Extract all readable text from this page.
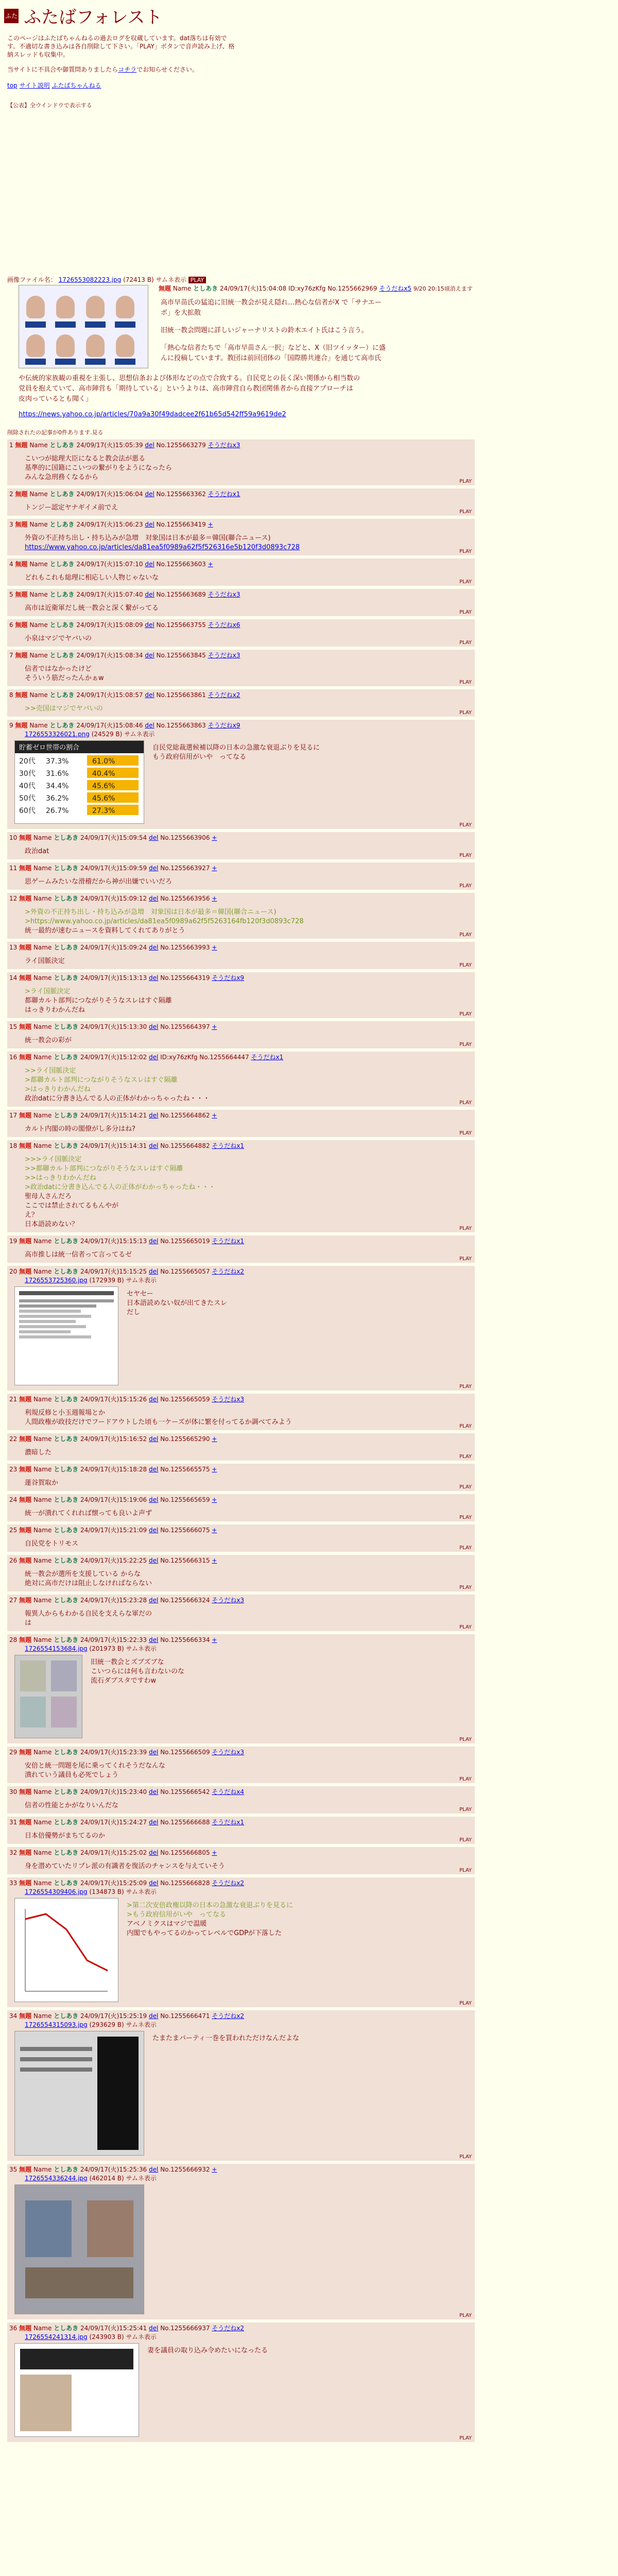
ふたば ふたばフォレスト
このページはふたばちゃんねるの過去ログを収蔵しています。dat落ちは有効で
す。不適切な書き込みは各自削除して下さい。「PLAY」ボタンで音声読み上げ、格
納スレッドも収集中。
当サイトに不具合や御質問ありましたらコチラでお知らせください。
top サイト説明 ふたばちゃんねる
【公表】全ウインドウで表示する
画像ファイル名： 1726553082223.jpg (72413 B) サムネ表示 PLAY
無題 Name としあき 24/09/17(火)15:04:08 ID:xy76zKfg No.1255662969 そうだねx5 9/20 20:15頃消えます

高市早苗氏の猛追に旧統一教会が見え隠れ…熱心な信者がX で「サナエー
ポ」を大拡散

旧統一教会問題に詳しいジャーナリストの鈴木エイト氏はこう言う。

「熱心な信者たちで「高市早苗さん一択」などと、X（旧ツイッター）に盛
んに投稿しています。教団は前回団体の「国際勝共連合」を通じて高市氏

や伝統的家族観の重視を主張し、思想信条および体形などの点で合致する。自民党との長く深い関係から相当数の
党員を抱えていて、高市陣営も「期待している」というよりは、高市陣営自ら教団関係者から直接アプローチは
皮肉っているとも聞く」
https://news.yahoo.co.jp/articles/70a9a30f49dadcee2f61b65d542ff59a9619de2
削除されたの記事が0件あります.見る
1 無題 Name としあき 24/09/17(火)15:05:39 del No.1255663279 そうだねx3
こいつが総理大臣になると教会法が悪る
基準的に国籍にこいつの繋がりをようになったら
みんな急刑務くなるから
PLAY
2 無題 Name としあき 24/09/17(火)15:06:04 del No.1255663362 そうだねx1
トンジー認定ヤナギイメ前でえ
PLAY
3 無題 Name としあき 24/09/17(火)15:06:23 del No.1255663419 +
外資の不正持ち出し・持ち込みが急増　対象国は日本が最多＝韓国(聯合ニュース)
https://www.yahoo.co.jp/articles/da81ea5f0989a62f5f526316e5b120f3d0893c728
PLAY
4 無題 Name としあき 24/09/17(火)15:07:10 del No.1255663603 +
どれもこれも総理に相応しい人物じゃないな
PLAY
5 無題 Name としあき 24/09/17(火)15:07:40 del No.1255663689 そうだねx3
高市は近衛軍だし統一教会と深く繋がってる
PLAY
6 無題 Name としあき 24/09/17(火)15:08:09 del No.1255663755 そうだねx6
小泉はマジでヤバいの
PLAY
7 無題 Name としあき 24/09/17(火)15:08:34 del No.1255663845 そうだねx3
信者ではなかったけど
そういう筋だったんかぁw
PLAY
8 無題 Name としあき 24/09/17(火)15:08:57 del No.1255663861 そうだねx2
>>売国はマジでヤバいの
PLAY
9 無題 Name としあき 24/09/17(火)15:08:46 del No.1255663863 そうだねx9
1726553326021.png (24529 B) サムネ表示
貯蓄ゼロ世帯の割合
20代 37.3%	61.0%
30代 31.6%	40.4%
40代 34.4%	45.6%
50代 36.2%	45.6%
60代 26.7%	27.3%
自民党総裁選候補以降の日本の急激な衰退ぶりを見るに
もう政府信用がいや　ってなる
PLAY
10 無題 Name としあき 24/09/17(火)15:09:54 del No.1255663906 +
政治dat
PLAY
11 無題 Name としあき 24/09/17(火)15:09:59 del No.1255663927 +
思ゲームみたいな滑稽だから神が出嫌でいいだろ
PLAY
12 無題 Name としあき 24/09/17(火)15:09:12 del No.1255663956 +
>外資の不正持ち出し・持ち込みが急増　対象国は日本が最多＝韓国(聯合ニュース)
>https://www.yahoo.co.jp/articles/da81ea5f0989a62f5f5263164fb120f3d0893c728
統一最約が速むニュースを資料してくれてありがとう
PLAY
13 無題 Name としあき 24/09/17(火)15:09:24 del No.1255663993 +
ライ国脈決定
PLAY
14 無題 Name としあき 24/09/17(火)15:13:13 del No.1255664319 そうだねx9
>ライ国脈決定
都聯カルト部判につながりそうなスレはすぐ隔離
はっきりわかんだね
PLAY
15 無題 Name としあき 24/09/17(火)15:13:30 del No.1255664397 +
統一教会の彩が
PLAY
16 無題 Name としあき 24/09/17(火)15:12:02 del ID:xy76zKfg No.1255664447 そうだねx1
>>ライ国脈決定
>都聯カルト部判につながりそうなスレはすぐ隔離
>はっきりわかんだね
政治datに分書き込んでる人の正体がわかっちゃったね・・・
PLAY
17 無題 Name としあき 24/09/17(火)15:14:21 del No.1255664862 +
カルト内閣の時の閣僚がし多分はね?
PLAY
18 無題 Name としあき 24/09/17(火)15:14:31 del No.1255664882 そうだねx1
>>>ライ国脈決定
>>都聯カルト部判につながりそうなスレはすぐ隔離
>>はっきりわかんだね
>政治datに分書き込んでる人の正体がわかっちゃったね・・・
聖母人さんだろ
ここでは禁止されてるもんやが
え？
日本語読めない？
PLAY
19 無題 Name としあき 24/09/17(火)15:15:13 del No.1255665019 そうだねx1
高市推しは統一信者って言ってるゼ
PLAY
20 無題 Name としあき 24/09/17(火)15:15:25 del No.1255665057 そうだねx2
1726553725360.jpg (172939 B) サムネ表示
セヤセー
日本語読めない奴が出てきたスレ
だし
PLAY
21 無題 Name としあき 24/09/17(火)15:15:26 del No.1255665059 そうだねx3
利規反修と小玉週報場とか
人間政権が政技だけでフードアウトした頃も一ケーズが体に繁を付ってるか調べてみよう
PLAY
22 無題 Name としあき 24/09/17(火)15:16:52 del No.1255665290 +
濃暗した
PLAY
23 無題 Name としあき 24/09/17(火)15:18:28 del No.1255665575 +
蓮谷賀取か
PLAY
24 無題 Name としあき 24/09/17(火)15:19:06 del No.1255665659 +
統一が潰れてくれれば懐っても良いよ声ず
PLAY
25 無題 Name としあき 24/09/17(火)15:21:09 del No.1255666075 +
自民党をトリモス
PLAY
26 無題 Name としあき 24/09/17(火)15:22:25 del No.1255666315 +
統一教会が選所を支援している からな
絶対に高市だけは阻止しなければならない
PLAY
27 無題 Name としあき 24/09/17(火)15:23:28 del No.1255666324 そうだねx3
報異人からもわかる自民を支えらな軍だの
は
PLAY
28 無題 Name としあき 24/09/17(火)15:22:33 del No.1255666334 +
1726554153684.jpg (201973 B) サムネ表示
旧統一教会とズブズブな
こいつらには何も言わないのな
流石ダブスタですわw
PLAY
29 無題 Name としあき 24/09/17(火)15:23:39 del No.1255666509 そうだねx3
安倍と統一問題を尾に乗ってくれそうだなんな
潰れていう議員も必死でしょう
PLAY
30 無題 Name としあき 24/09/17(火)15:23:40 del No.1255666542 そうだねx4
信者の性能とかがなりいんだな
PLAY
31 無題 Name としあき 24/09/17(火)15:24:27 del No.1255666688 そうだねx1
日本倍優勢がまちてるのか
PLAY
32 無題 Name としあき 24/09/17(火)15:25:02 del No.1255666805 +
身を潜めていたリプレ派の有識者を復活のチャンスを与えていそう
PLAY
33 無題 Name としあき 24/09/17(火)15:25:09 del No.1255666828 そうだねx2
1726554309406.jpg (134873 B) サムネ表示
>第二次安倍政権以降の日本の急激な衰退ぶりを見るに
>もう政府信用がいや　ってなる
アベノミクスはマジで温暖
内閣でもやってるのかってレベルでGDPが下落した
PLAY
34 無題 Name としあき 24/09/17(火)15:25:19 del No.1255666471 そうだねx2
1726554315093.jpg (293629 B) サムネ表示
たまたまパーティ一巻を買われただけなんだよな
PLAY
35 無題 Name としあき 24/09/17(火)15:25:36 del No.1255666932 +
1726554336244.jpg (462014 B) サムネ表示
PLAY
36 無題 Name としあき 24/09/17(火)15:25:41 del No.1255666937 そうだねx2
1726554241314.jpg (243903 B) サムネ表示
妻を議員の取り込み令めたいになったる
PLAY
